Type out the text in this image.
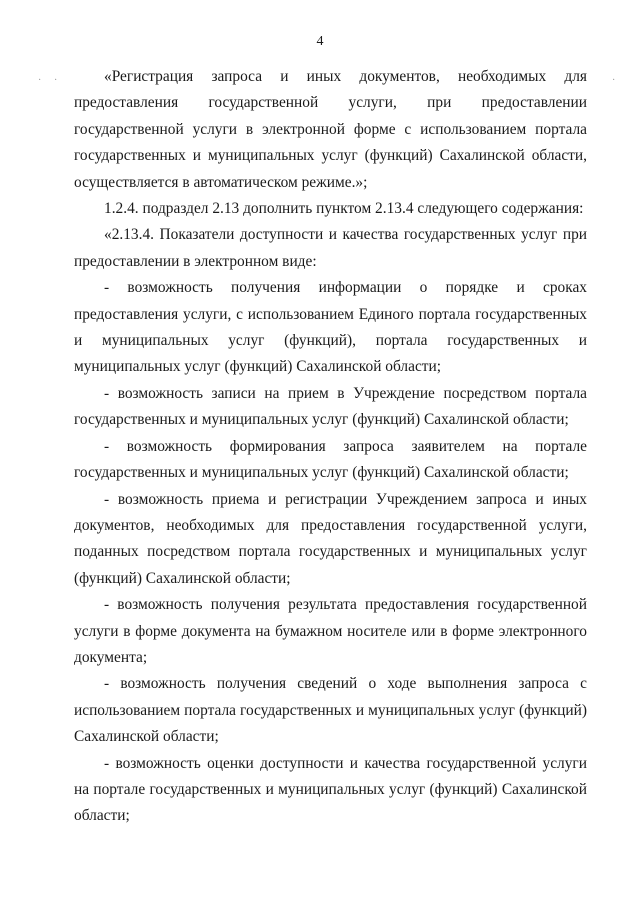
4
· ·	·

«Регистрация запроса и иных документов, необходимых для предоставления государственной услуги, при предоставлении государственной услуги в электронной форме с использованием портала государственных и муниципальных услуг (функций) Сахалинской области, осуществляется в автоматическом режиме.»;

1.2.4. подраздел 2.13 дополнить пунктом 2.13.4 следующего содержания:

«2.13.4. Показатели доступности и качества государственных услуг при предоставлении в электронном виде:

- возможность получения информации о порядке и сроках предоставления услуги, с использованием Единого портала государственных и муниципальных услуг (функций), портала государственных и муниципальных услуг (функций) Сахалинской области;

- возможность записи на прием в Учреждение посредством портала государственных и муниципальных услуг (функций) Сахалинской области;

- возможность формирования запроса заявителем на портале государственных и муниципальных услуг (функций) Сахалинской области;

- возможность приема и регистрации Учреждением запроса и иных документов, необходимых для предоставления государственной услуги, поданных посредством портала государственных и муниципальных услуг (функций) Сахалинской области;

- возможность получения результата предоставления государственной услуги в форме документа на бумажном носителе или в форме электронного документа;

- возможность получения сведений о ходе выполнения запроса с использованием портала государственных и муниципальных услуг (функций) Сахалинской области;

- возможность оценки доступности и качества государственной услуги на портале государственных и муниципальных услуг (функций) Сахалинской области;
